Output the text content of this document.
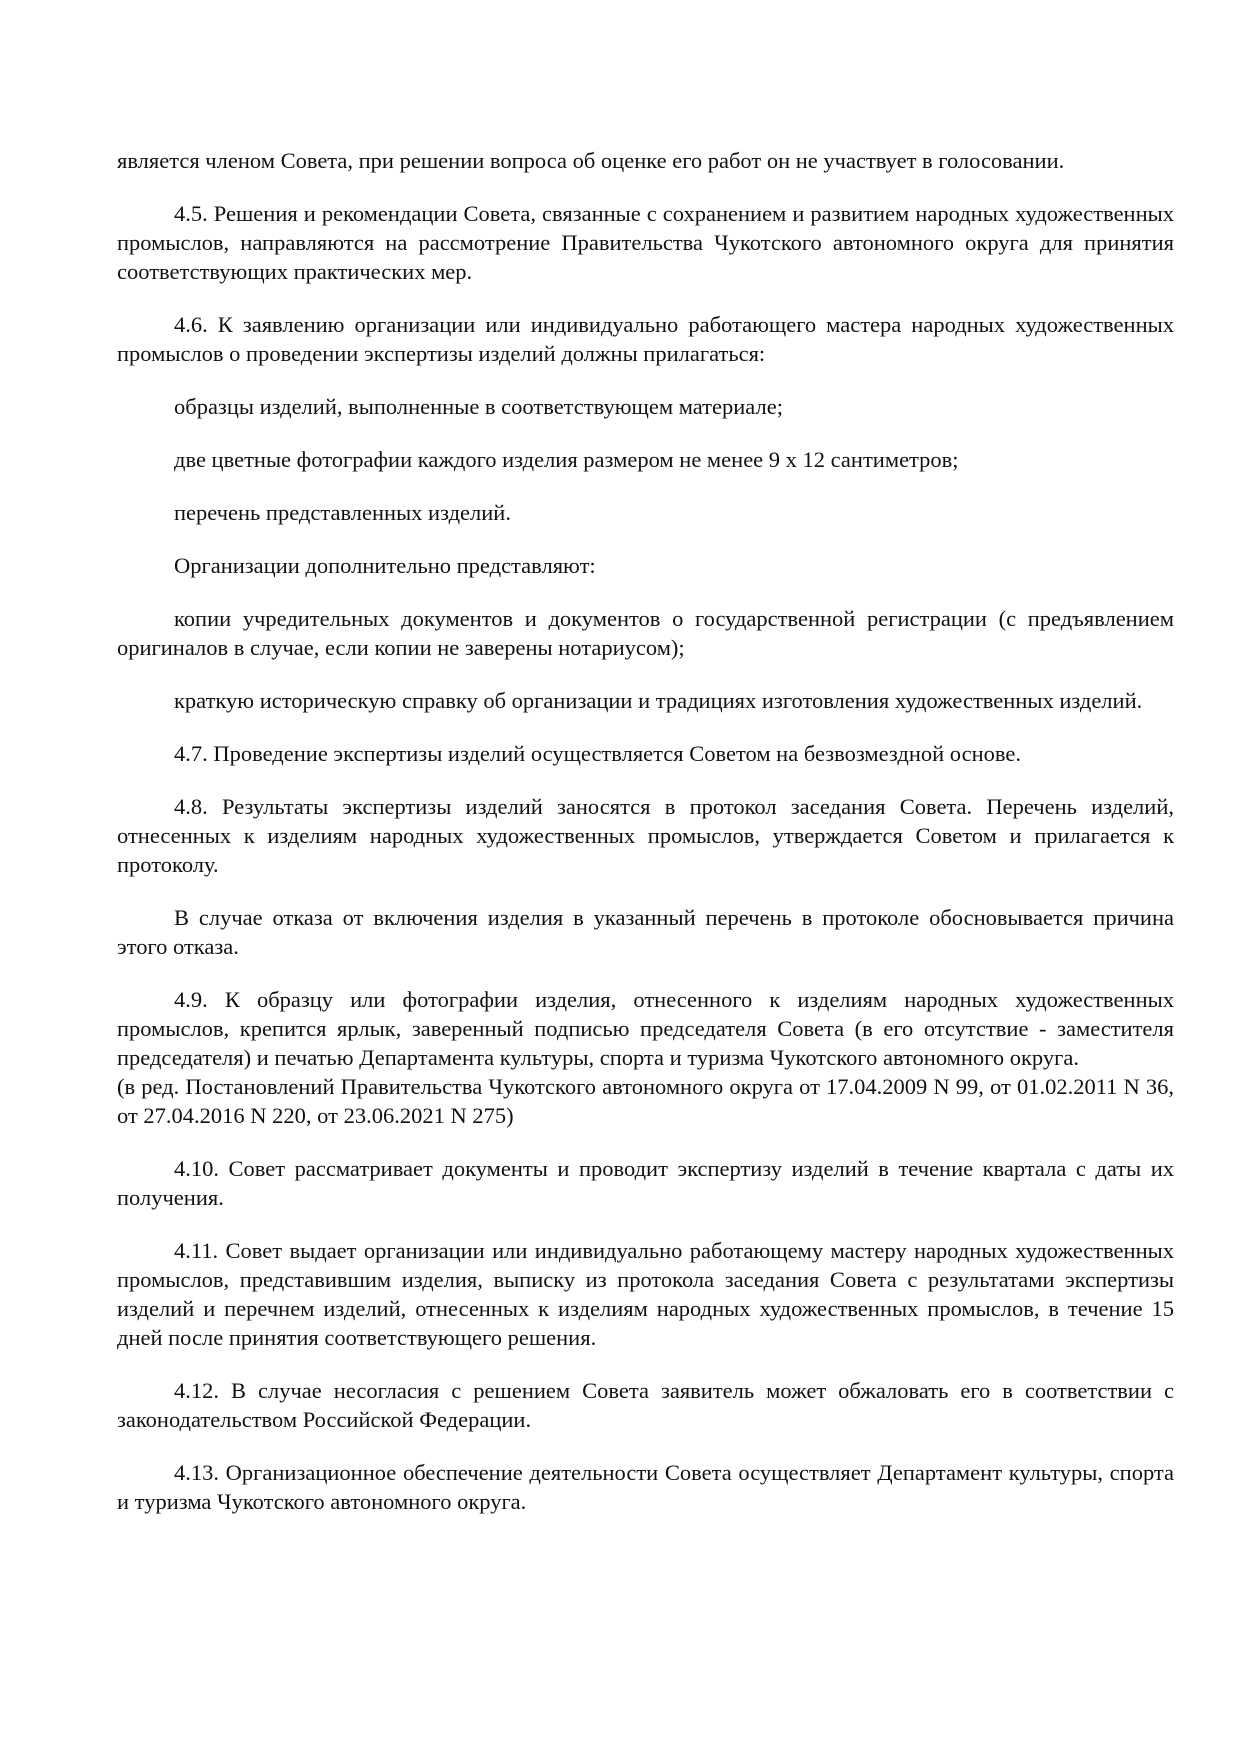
является членом Совета, при решении вопроса об оценке его работ он не участвует в голосовании.

4.5. Решения и рекомендации Совета, связанные с сохранением и развитием народных художественных промыслов, направляются на рассмотрение Правительства Чукотского автономного округа для принятия соответствующих практических мер.

4.6. К заявлению организации или индивидуально работающего мастера народных художественных промыслов о проведении экспертизы изделий должны прилагаться:

образцы изделий, выполненные в соответствующем материале;

две цветные фотографии каждого изделия размером не менее 9 х 12 сантиметров;

перечень представленных изделий.

Организации дополнительно представляют:

копии учредительных документов и документов о государственной регистрации (с предъявлением оригиналов в случае, если копии не заверены нотариусом);

краткую историческую справку об организации и традициях изготовления художественных изделий.

4.7. Проведение экспертизы изделий осуществляется Советом на безвозмездной основе.

4.8. Результаты экспертизы изделий заносятся в протокол заседания Совета. Перечень изделий, отнесенных к изделиям народных художественных промыслов, утверждается Советом и прилагается к протоколу.

В случае отказа от включения изделия в указанный перечень в протоколе обосновывается причина этого отказа.

4.9. К образцу или фотографии изделия, отнесенного к изделиям народных художественных промыслов, крепится ярлык, заверенный подписью председателя Совета (в его отсутствие - заместителя председателя) и печатью Департамента культуры, спорта и туризма Чукотского автономного округа.

(в ред. Постановлений Правительства Чукотского автономного округа от 17.04.2009 N 99, от 01.02.2011 N 36, от 27.04.2016 N 220, от 23.06.2021 N 275)

4.10. Совет рассматривает документы и проводит экспертизу изделий в течение квартала с даты их получения.

4.11. Совет выдает организации или индивидуально работающему мастеру народных художественных промыслов, представившим изделия, выписку из протокола заседания Совета с результатами экспертизы изделий и перечнем изделий, отнесенных к изделиям народных художественных промыслов, в течение 15 дней после принятия соответствующего решения.

4.12. В случае несогласия с решением Совета заявитель может обжаловать его в соответствии с законодательством Российской Федерации.

4.13. Организационное обеспечение деятельности Совета осуществляет Департамент культуры, спорта и туризма Чукотского автономного округа.
